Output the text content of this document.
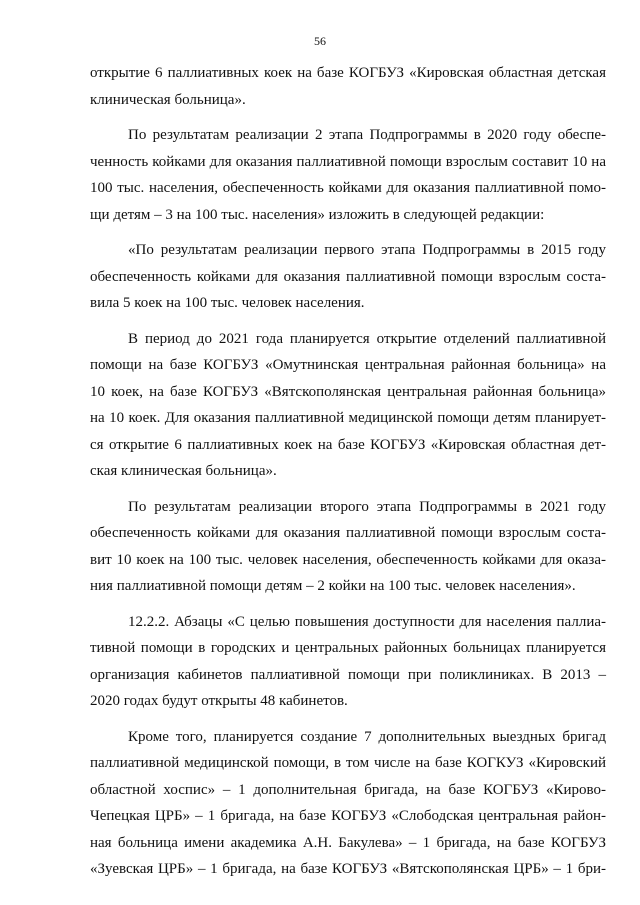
56
открытие 6 паллиативных коек на базе КОГБУЗ «Кировская областная детская
клиническая больница».
По результатам реализации 2 этапа Подпрограммы в 2020 году обеспе-
ченность койками для оказания паллиативной помощи взрослым составит 10 на
100 тыс. населения, обеспеченность койками для оказания паллиативной помо-
щи детям – 3 на 100 тыс. населения» изложить в следующей редакции:
«По результатам реализации первого этапа Подпрограммы в 2015 году
обеспеченность койками для оказания паллиативной помощи взрослым соста-
вила 5 коек на 100 тыс. человек населения.
В период до 2021 года планируется открытие отделений паллиативной
помощи на базе КОГБУЗ «Омутнинская центральная районная больница» на
10 коек, на базе КОГБУЗ «Вятскополянская центральная районная больница»
на 10 коек. Для оказания паллиативной медицинской помощи детям планирует-
ся открытие 6 паллиативных коек на базе КОГБУЗ «Кировская областная дет-
ская клиническая больница».
По результатам реализации второго этапа Подпрограммы в 2021 году
обеспеченность койками для оказания паллиативной помощи взрослым соста-
вит 10 коек на 100 тыс. человек населения, обеспеченность койками для оказа-
ния паллиативной помощи детям – 2 койки на 100 тыс. человек населения».
12.2.2. Абзацы «С целью повышения доступности для населения паллиа-
тивной помощи в городских и центральных районных больницах планируется
организация кабинетов паллиативной помощи при поликлиниках. В 2013 –
2020 годах будут открыты 48 кабинетов.
Кроме того, планируется создание 7 дополнительных выездных бригад
паллиативной медицинской помощи, в том числе на базе КОГКУЗ «Кировский
областной хоспис» – 1 дополнительная бригада, на базе КОГБУЗ «Кирово-
Чепецкая ЦРБ» – 1 бригада, на базе КОГБУЗ «Слободская центральная район-
ная больница имени академика А.Н. Бакулева» – 1 бригада, на базе КОГБУЗ
«Зуевская ЦРБ» – 1 бригада, на базе КОГБУЗ «Вятскополянская ЦРБ» – 1 бри-
